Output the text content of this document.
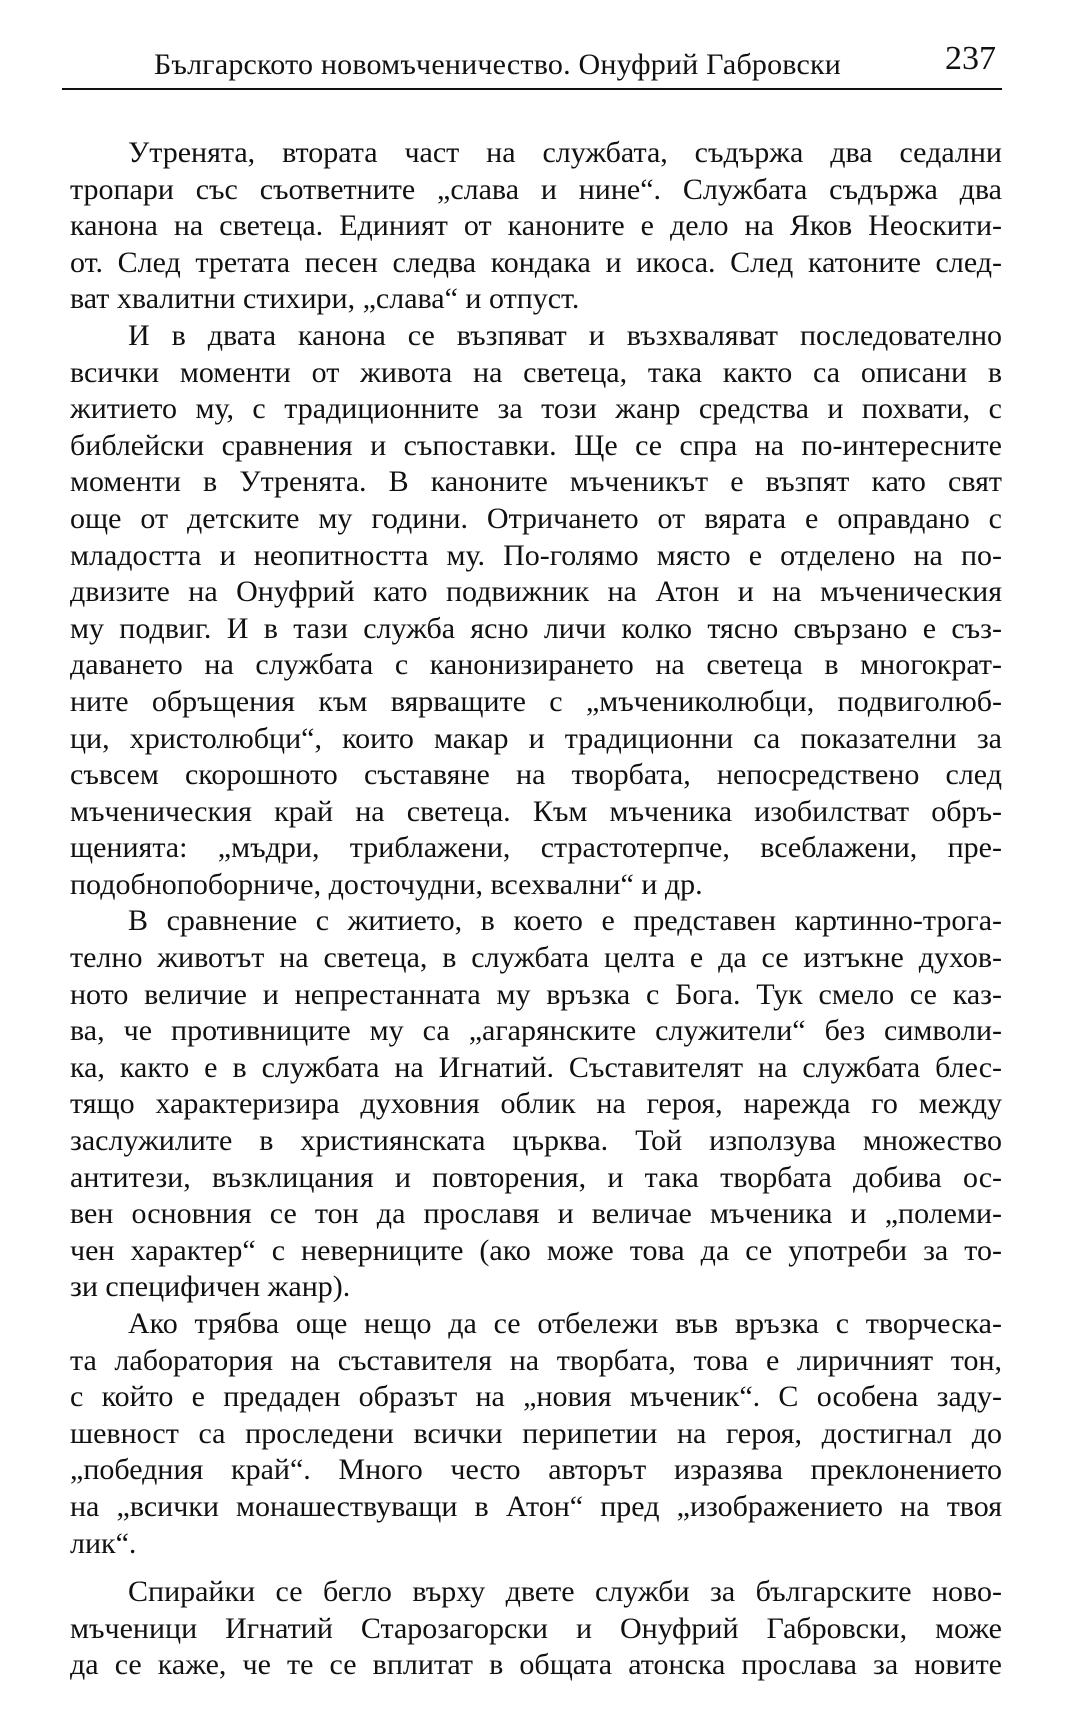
Българското новомъченичество. Онуфрий Габровски	237
Утренята, втората част на службата, съдържа два седални
тропари със съответните „слава и нине“. Службата съдържа два
канона на светеца. Единият от каноните е дело на Яков Неоскити-
от. След третата песен следва кондака и икоса. След катоните след-
ват хвалитни стихири, „слава“ и отпуст.
И в двата канона се възпяват и възхваляват последователно
всички моменти от живота на светеца, така както са описани в
житието му, с традиционните за този жанр средства и похвати, с
библейски сравнения и съпоставки. Ще се спра на по-интересните
моменти в Утренята. В каноните мъченикът е възпят като свят
още от детските му години. Отричането от вярата е оправдано с
младостта и неопитността му. По-голямо място е отделено на по-
двизите на Онуфрий като подвижник на Атон и на мъченическия
му подвиг. И в тази служба ясно личи колко тясно свързано е съз-
даването на службата с канонизирането на светеца в многократ-
ните обръщения към вярващите с „мъчениколюбци, подвиголюб-
ци, христолюбци“, които макар и традиционни са показателни за
съвсем скорошното съставяне на творбата, непосредствено след
мъченическия край на светеца. Към мъченика изобилстват обръ-
щенията: „мъдри, триблажени, страстотерпче, всеблажени, пре-
подобнопоборниче, досточудни, всехвални“ и др.
В сравнение с житието, в което е представен картинно-трога-
телно животът на светеца, в службата целта е да се изтъкне духов-
ното величие и непрестанната му връзка с Бога. Тук смело се каз-
ва, че противниците му са „агарянските служители“ без символи-
ка, както е в службата на Игнатий. Съставителят на службата блес-
тящо характеризира духовния облик на героя, нарежда го между
заслужилите в християнската църква. Той използува множество
антитези, възклицания и повторения, и така творбата добива ос-
вен основния се тон да прославя и величае мъченика и „полеми-
чен характер“ с неверниците (ако може това да се употреби за то-
зи специфичен жанр).
Ако трябва още нещо да се отбележи във връзка с творческа-
та лаборатория на съставителя на творбата, това е лиричният тон,
с който е предаден образът на „новия мъченик“. С особена заду-
шевност са проследени всички перипетии на героя, достигнал до
„победния край“. Много често авторът изразява преклонението
на „всички монашествуващи в Атон“ пред „изображението на твоя
лик“.
Спирайки се бегло върху двете служби за българските ново-
мъченици Игнатий Старозагорски и Онуфрий Габровски, може
да се каже, че те се вплитат в общата атонска прослава за новите
